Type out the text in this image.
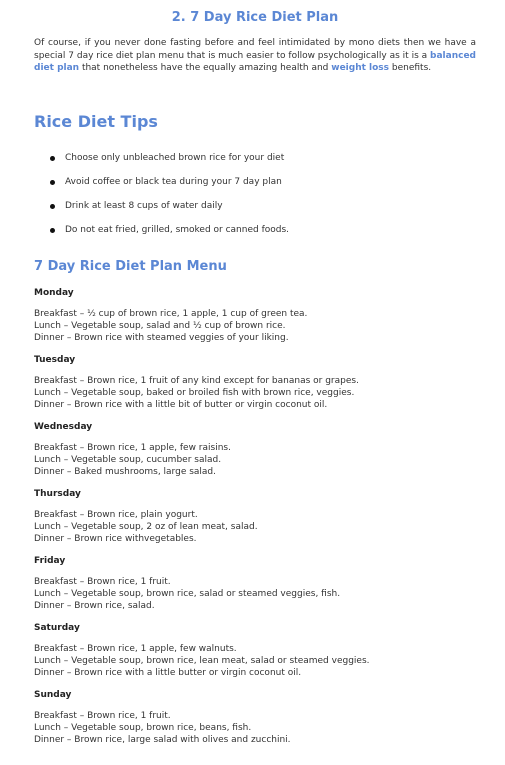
2. 7 Day Rice Diet Plan

Of course, if you never done fasting before and feel intimidated by mono diets then we have a special 7 day rice diet plan menu that is much easier to follow psychologically as it is a balanced diet plan that nonetheless have the equally amazing health and weight loss benefits.

Rice Diet Tips
Choose only unbleached brown rice for your diet
Avoid coffee or black tea during your 7 day plan
Drink at least 8 cups of water daily
Do not eat fried, grilled, smoked or canned foods.
7 Day Rice Diet Plan Menu
Monday
Breakfast – ½ cup of brown rice, 1 apple, 1 cup of green tea.
Lunch – Vegetable soup, salad and ½ cup of brown rice.
Dinner – Brown rice with steamed veggies of your liking.
Tuesday
Breakfast – Brown rice, 1 fruit of any kind except for bananas or grapes.
Lunch – Vegetable soup, baked or broiled fish with brown rice, veggies.
Dinner – Brown rice with a little bit of butter or virgin coconut oil.
Wednesday
Breakfast – Brown rice, 1 apple, few raisins.
Lunch – Vegetable soup, cucumber salad.
Dinner – Baked mushrooms, large salad.
Thursday
Breakfast – Brown rice, plain yogurt.
Lunch – Vegetable soup, 2 oz of lean meat, salad.
Dinner – Brown rice withvegetables.
Friday
Breakfast – Brown rice, 1 fruit.
Lunch – Vegetable soup, brown rice, salad or steamed veggies, fish.
Dinner – Brown rice, salad.
Saturday
Breakfast – Brown rice, 1 apple, few walnuts.
Lunch – Vegetable soup, brown rice, lean meat, salad or steamed veggies.
Dinner – Brown rice with a little butter or virgin coconut oil.
Sunday
Breakfast – Brown rice, 1 fruit.
Lunch – Vegetable soup, brown rice, beans, fish.
Dinner – Brown rice, large salad with olives and zucchini.
